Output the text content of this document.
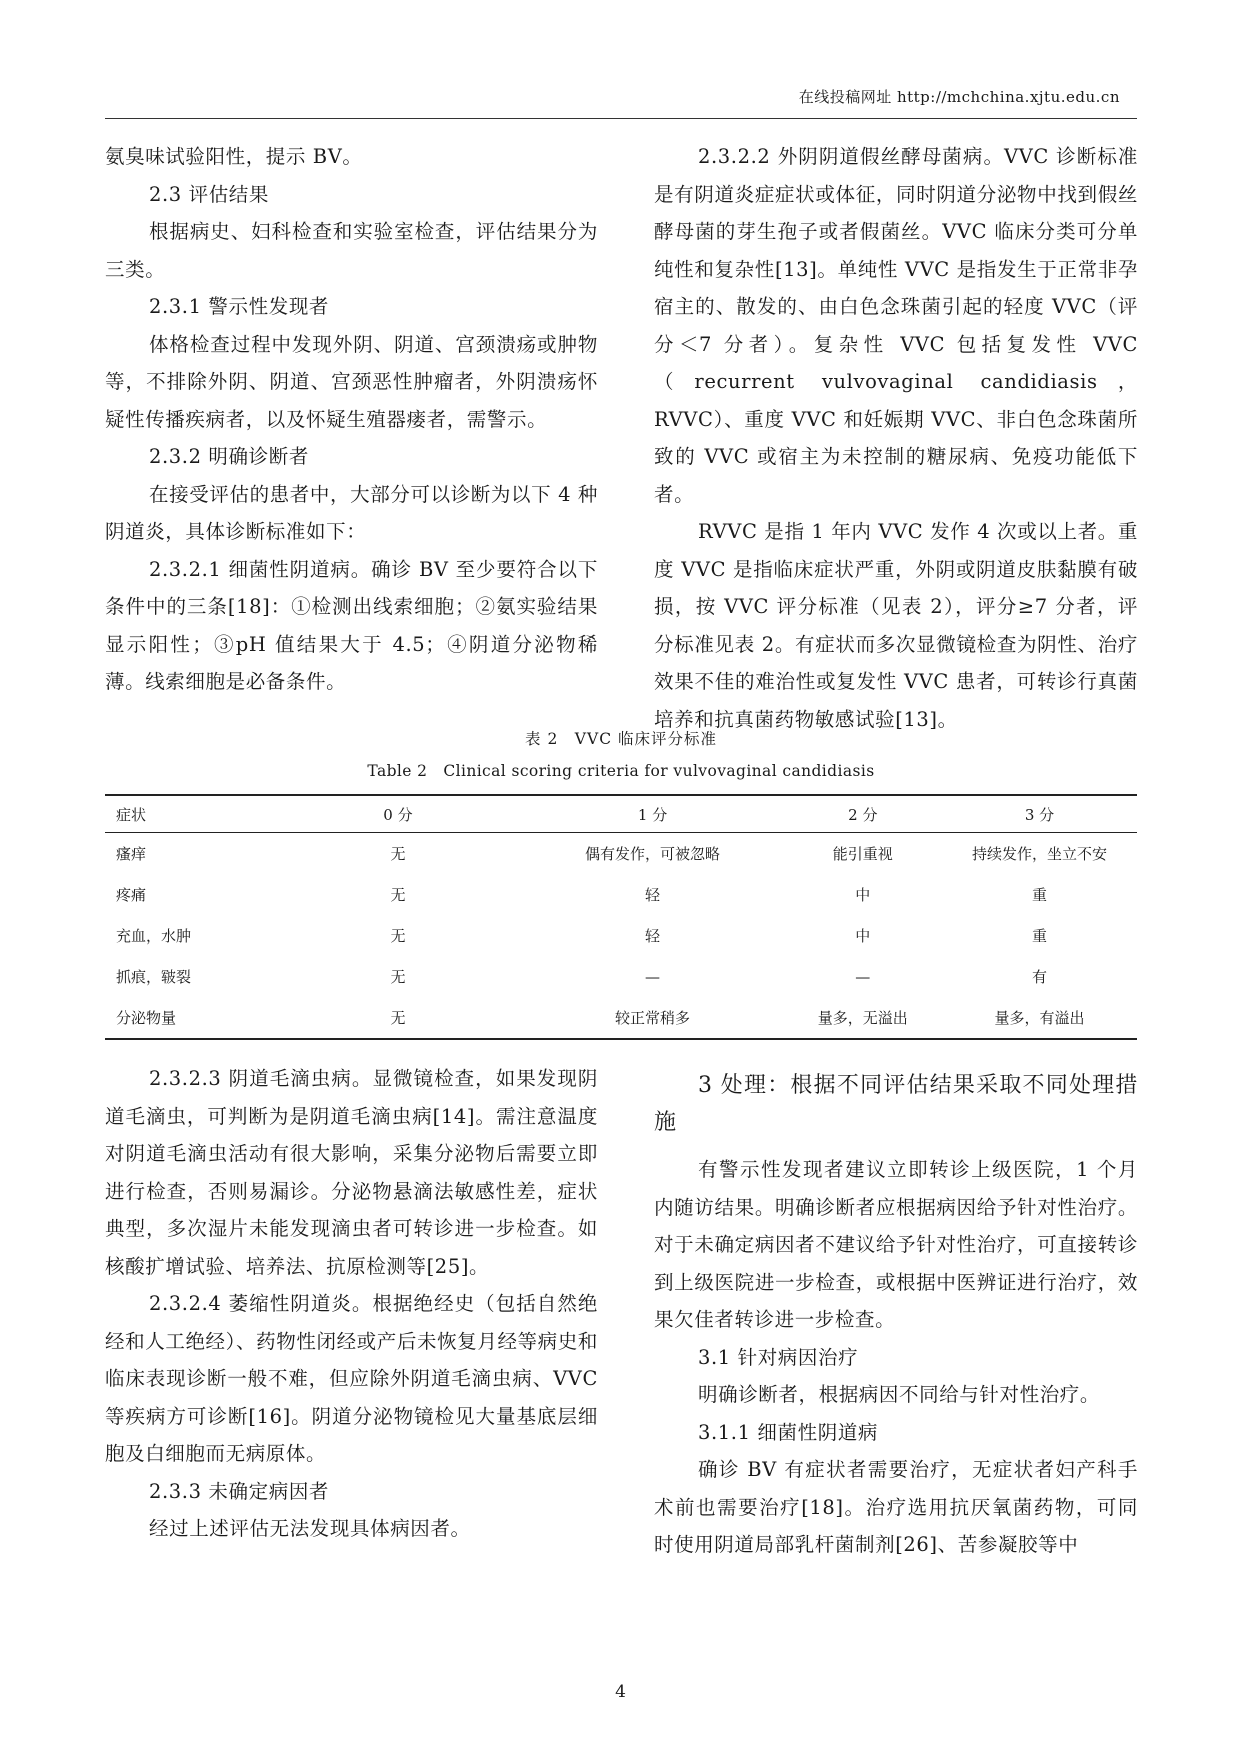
在线投稿网址 http://mchchina.xjtu.edu.cn

氨臭味试验阳性，提示 BV。

2.3 评估结果

根据病史、妇科检查和实验室检查，评估结果分为三类。

2.3.1 警示性发现者

体格检查过程中发现外阴、阴道、宫颈溃疡或肿物等，不排除外阴、阴道、宫颈恶性肿瘤者，外阴溃疡怀疑性传播疾病者，以及怀疑生殖器瘘者，需警示。

2.3.2 明确诊断者

在接受评估的患者中，大部分可以诊断为以下 4 种阴道炎，具体诊断标准如下：

2.3.2.1 细菌性阴道病。确诊 BV 至少要符合以下条件中的三条[18]：①检测出线索细胞；②氨实验结果显示阳性；③pH 值结果大于 4.5；④阴道分泌物稀薄。线索细胞是必备条件。

2.3.2.2 外阴阴道假丝酵母菌病。VVC 诊断标准是有阴道炎症症状或体征，同时阴道分泌物中找到假丝酵母菌的芽生孢子或者假菌丝。VVC 临床分类可分单纯性和复杂性[13]。单纯性 VVC 是指发生于正常非孕宿主的、散发的、由白色念珠菌引起的轻度 VVC（评分＜7 分者）。复杂性 VVC 包括复发性 VVC（recurrent vulvovaginal candidiasis，RVVC）、重度 VVC 和妊娠期 VVC、非白色念珠菌所致的 VVC 或宿主为未控制的糖尿病、免疫功能低下者。

RVVC 是指 1 年内 VVC 发作 4 次或以上者。重度 VVC 是指临床症状严重，外阴或阴道皮肤黏膜有破损，按 VVC 评分标准（见表 2），评分≥7 分者，评分标准见表 2。有症状而多次显微镜检查为阴性、治疗效果不佳的难治性或复发性 VVC 患者，可转诊行真菌培养和抗真菌药物敏感试验[13]。

表 2　VVC 临床评分标准
Table 2　Clinical scoring criteria for vulvovaginal candidiasis
症状	0 分	1 分	2 分	3 分
瘙痒	无	偶有发作，可被忽略	能引重视	持续发作，坐立不安
疼痛	无	轻	中	重
充血，水肿	无	轻	中	重
抓痕，皲裂	无	—	—	有
分泌物量	无	较正常稍多	量多，无溢出	量多，有溢出

2.3.2.3 阴道毛滴虫病。显微镜检查，如果发现阴道毛滴虫，可判断为是阴道毛滴虫病[14]。需注意温度对阴道毛滴虫活动有很大影响，采集分泌物后需要立即进行检查，否则易漏诊。分泌物悬滴法敏感性差，症状典型，多次湿片未能发现滴虫者可转诊进一步检查。如核酸扩增试验、培养法、抗原检测等[25]。

2.3.2.4 萎缩性阴道炎。根据绝经史（包括自然绝经和人工绝经）、药物性闭经或产后未恢复月经等病史和临床表现诊断一般不难，但应除外阴道毛滴虫病、VVC 等疾病方可诊断[16]。阴道分泌物镜检见大量基底层细胞及白细胞而无病原体。

2.3.3 未确定病因者

经过上述评估无法发现具体病因者。

3 处理：根据不同评估结果采取不同处理措施

有警示性发现者建议立即转诊上级医院，1 个月内随访结果。明确诊断者应根据病因给予针对性治疗。对于未确定病因者不建议给予针对性治疗，可直接转诊到上级医院进一步检查，或根据中医辨证进行治疗，效果欠佳者转诊进一步检查。

3.1 针对病因治疗

明确诊断者，根据病因不同给与针对性治疗。

3.1.1 细菌性阴道病

确诊 BV 有症状者需要治疗，无症状者妇产科手术前也需要治疗[18]。治疗选用抗厌氧菌药物，可同时使用阴道局部乳杆菌制剂[26]、苦参凝胶等中

4
